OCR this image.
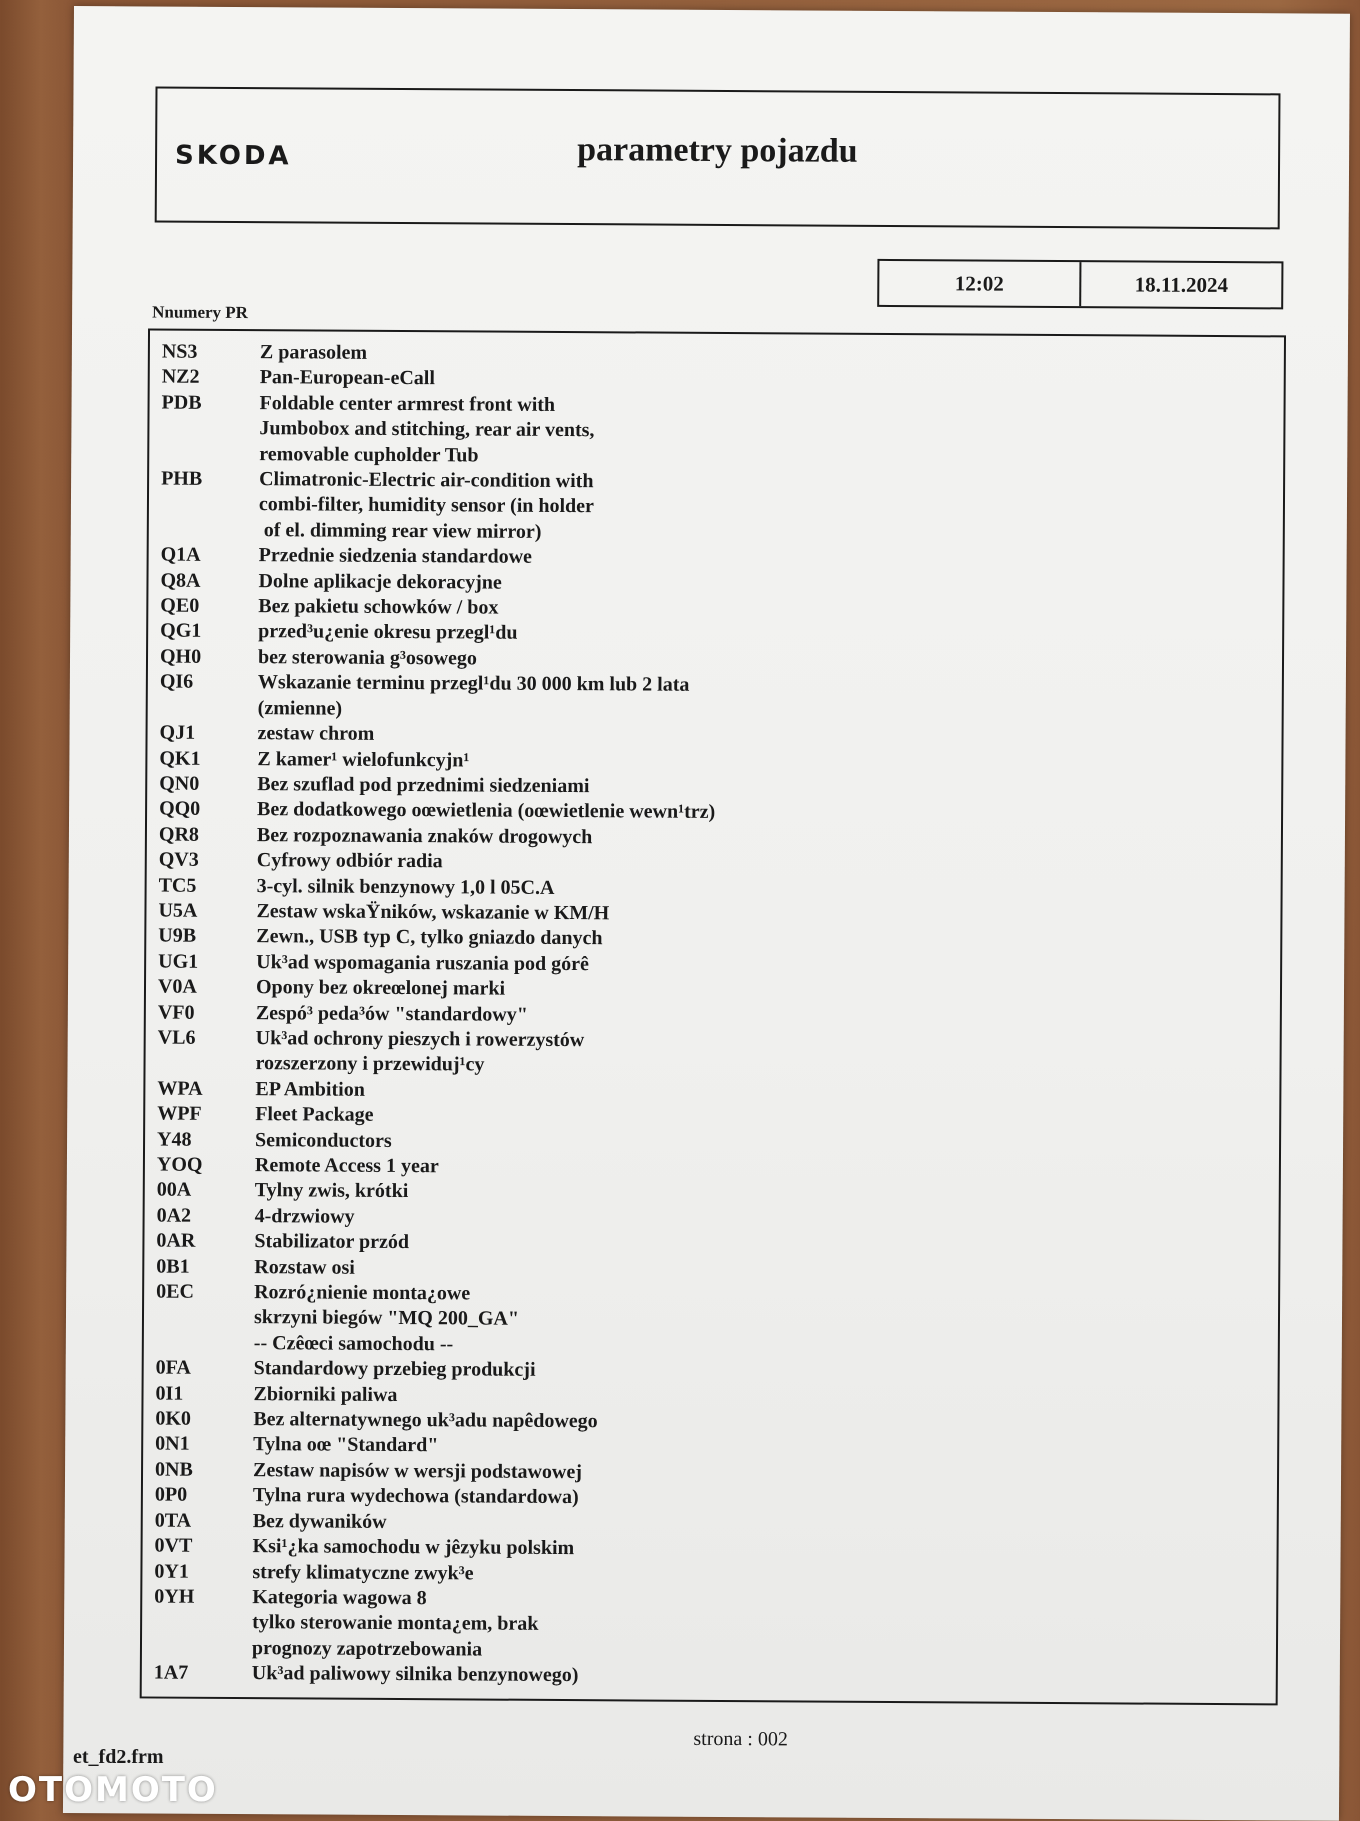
SKODA	parametry pojazdu
12:02	18.11.2024
Nnumery PR
NS3	Z parasolem
NZ2	Pan-European-eCall
PDB	Foldable center armrest front with
Jumbobox and stitching, rear air vents,
removable cupholder Tub
PHB	Climatronic-Electric air-condition with
combi-filter, humidity sensor (in holder
of el. dimming rear view mirror)
Q1A	Przednie siedzenia standardowe
Q8A	Dolne aplikacje dekoracyjne
QE0	Bez pakietu schowków / box
QG1	przed³u¿enie okresu przegl¹du
QH0	bez sterowania g³osowego
QI6	Wskazanie terminu przegl¹du 30 000 km lub 2 lata
(zmienne)
QJ1	zestaw chrom
QK1	Z kamer¹ wielofunkcyjn¹
QN0	Bez szuflad pod przednimi siedzeniami
QQ0	Bez dodatkowego oœwietlenia (oœwietlenie wewn¹trz)
QR8	Bez rozpoznawania znaków drogowych
QV3	Cyfrowy odbiór radia
TC5	3-cyl. silnik benzynowy 1,0 l 05C.A
U5A	Zestaw wskaŸników, wskazanie w KM/H
U9B	Zewn., USB typ C, tylko gniazdo danych
UG1	Uk³ad wspomagania ruszania pod górê
V0A	Opony bez okreœlonej marki
VF0	Zespó³ peda³ów "standardowy"
VL6	Uk³ad ochrony pieszych i rowerzystów
rozszerzony i przewiduj¹cy
WPA	EP Ambition
WPF	Fleet Package
Y48	Semiconductors
YOQ	Remote Access 1 year
00A	Tylny zwis, krótki
0A2	4-drzwiowy
0AR	Stabilizator przód
0B1	Rozstaw osi
0EC	Rozró¿nienie monta¿owe
skrzyni biegów "MQ 200_GA"
-- Czêœci samochodu --
0FA	Standardowy przebieg produkcji
0I1	Zbiorniki paliwa
0K0	Bez alternatywnego uk³adu napêdowego
0N1	Tylna oœ "Standard"
0NB	Zestaw napisów w wersji podstawowej
0P0	Tylna rura wydechowa (standardowa)
0TA	Bez dywaników
0VT	Ksi¹¿ka samochodu w jêzyku polskim
0Y1	strefy klimatyczne zwyk³e
0YH	Kategoria wagowa 8
tylko sterowanie monta¿em, brak
prognozy zapotrzebowania
1A7	Uk³ad paliwowy silnika benzynowego)
strona : 002
et_fd2.frm
OTOMOTO
